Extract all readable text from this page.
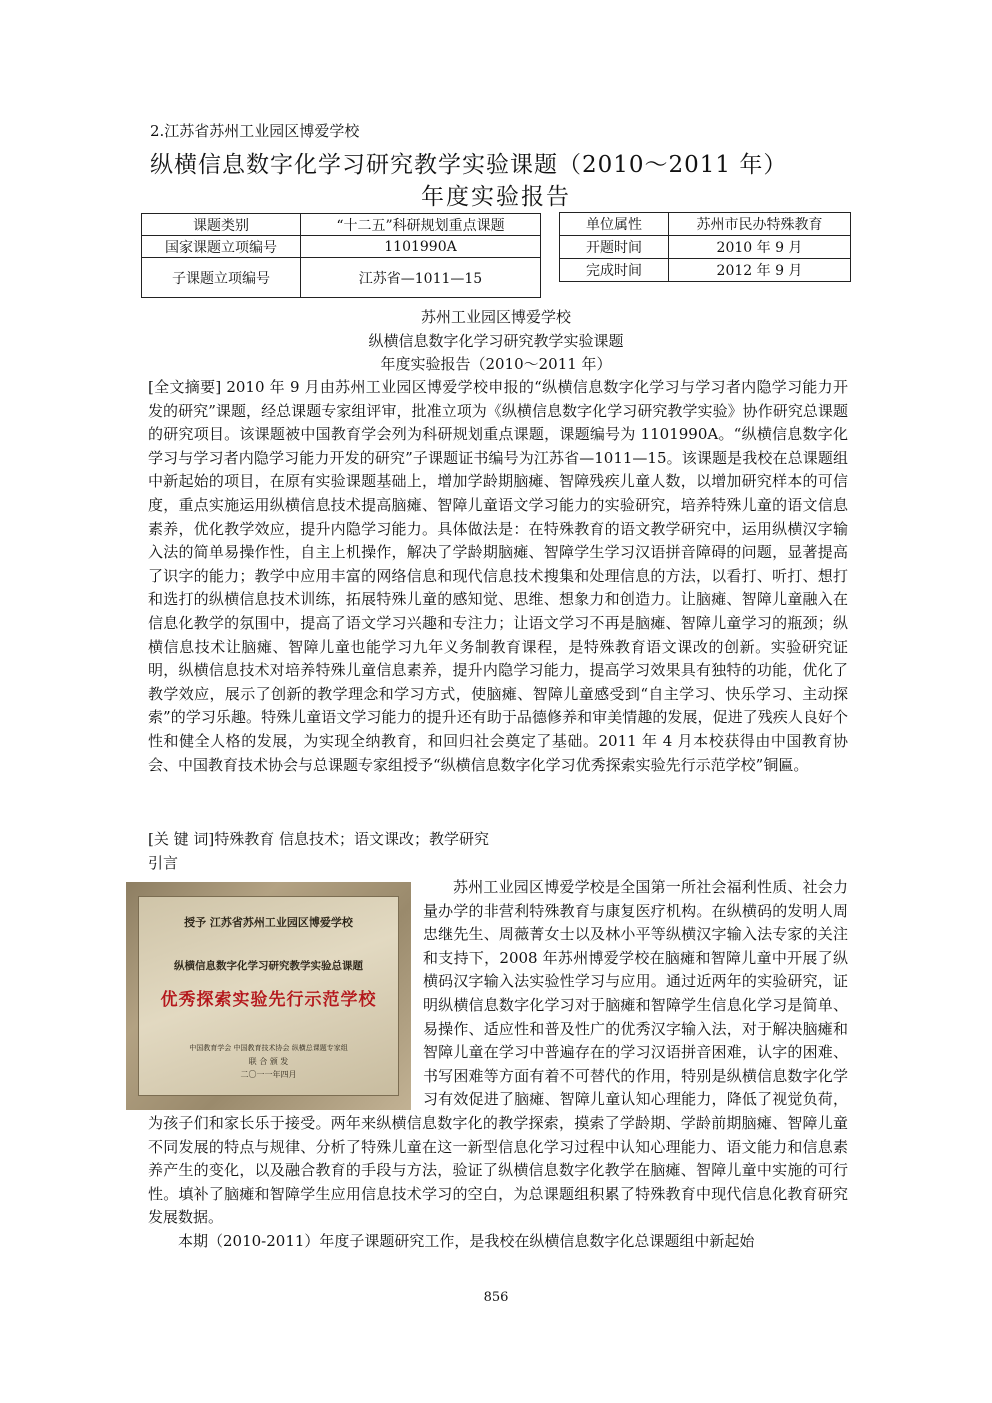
2.江苏省苏州工业园区博爱学校
纵横信息数字化学习研究教学实验课题（2010～2011 年）
年度实验报告
课题类别	“十二五”科研规划重点课题
国家课题立项编号	1101990A
子课题立项编号	江苏省—1011—15
单位属性	苏州市民办特殊教育
开题时间	2010 年 9 月
完成时间	2012 年 9 月
苏州工业园区博爱学校
纵横信息数字化学习研究教学实验课题
年度实验报告（2010～2011 年）
[全文摘要] 2010 年 9 月由苏州工业园区博爱学校申报的“纵横信息数字化学习与学习者内隐学习能力开发的研究”课题，经总课题专家组评审，批准立项为《纵横信息数字化学习研究教学实验》协作研究总课题的研究项目。该课题被中国教育学会列为科研规划重点课题，课题编号为 1101990A。“纵横信息数字化学习与学习者内隐学习能力开发的研究”子课题证书编号为江苏省—1011—15。该课题是我校在总课题组中新起始的项目，在原有实验课题基础上，增加学龄期脑瘫、智障残疾儿童人数，以增加研究样本的可信度，重点实施运用纵横信息技术提高脑瘫、智障儿童语文学习能力的实验研究，培养特殊儿童的语文信息素养，优化教学效应，提升内隐学习能力。具体做法是：在特殊教育的语文教学研究中，运用纵横汉字输入法的简单易操作性，自主上机操作，解决了学龄期脑瘫、智障学生学习汉语拼音障碍的问题，显著提高了识字的能力；教学中应用丰富的网络信息和现代信息技术搜集和处理信息的方法，以看打、听打、想打和选打的纵横信息技术训练，拓展特殊儿童的感知觉、思维、想象力和创造力。让脑瘫、智障儿童融入在信息化教学的氛围中，提高了语文学习兴趣和专注力；让语文学习不再是脑瘫、智障儿童学习的瓶颈；纵横信息技术让脑瘫、智障儿童也能学习九年义务制教育课程，是特殊教育语文课改的创新。实验研究证明，纵横信息技术对培养特殊儿童信息素养，提升内隐学习能力，提高学习效果具有独特的功能，优化了教学效应，展示了创新的教学理念和学习方式，使脑瘫、智障儿童感受到“自主学习、快乐学习、主动探索”的学习乐趣。特殊儿童语文学习能力的提升还有助于品德修养和审美情趣的发展，促进了残疾人良好个性和健全人格的发展，为实现全纳教育，和回归社会奠定了基础。2011 年 4 月本校获得由中国教育协会、中国教育技术协会与总课题专家组授予“纵横信息数字化学习优秀探索实验先行示范学校”铜匾。
[关 键 词]特殊教育 信息技术；语文课改；教学研究
引言
授予 江苏省苏州工业园区博爱学校
纵横信息数字化学习研究教学实验总课题
优秀探索实验先行示范学校
中国教育学会 中国教育技术协会 纵横总课题专家组
联 合 颁 发
二〇一一年四月
苏州工业园区博爱学校是全国第一所社会福利性质、社会力量办学的非营利特殊教育与康复医疗机构。在纵横码的发明人周忠继先生、周薇菁女士以及林小平等纵横汉字输入法专家的关注和支持下，2008 年苏州博爱学校在脑瘫和智障儿童中开展了纵横码汉字输入法实验性学习与应用。通过近两年的实验研究，证明纵横信息数字化学习对于脑瘫和智障学生信息化学习是简单、易操作、适应性和普及性广的优秀汉字输入法，对于解决脑瘫和智障儿童在学习中普遍存在的学习汉语拼音困难，认字的困难、书写困难等方面有着不可替代的作用，特别是纵横信息数字化学习有效促进了脑瘫、智障儿童认知心理能力，降低了视觉负荷，为孩子们和家长乐于接受。两年来纵横信息数字化的教学探索，摸索了学龄期、学龄前期脑瘫、智障儿童不同发展的特点与规律、分析了特殊儿童在这一新型信息化学习过程中认知心理能力、语文能力和信息素养产生的变化，以及融合教育的手段与方法，验证了纵横信息数字化教学在脑瘫、智障儿童中实施的可行性。填补了脑瘫和智障学生应用信息技术学习的空白，为总课题组积累了特殊教育中现代信息化教育研究发展数据。
本期（2010-2011）年度子课题研究工作，是我校在纵横信息数字化总课题组中新起始
856
